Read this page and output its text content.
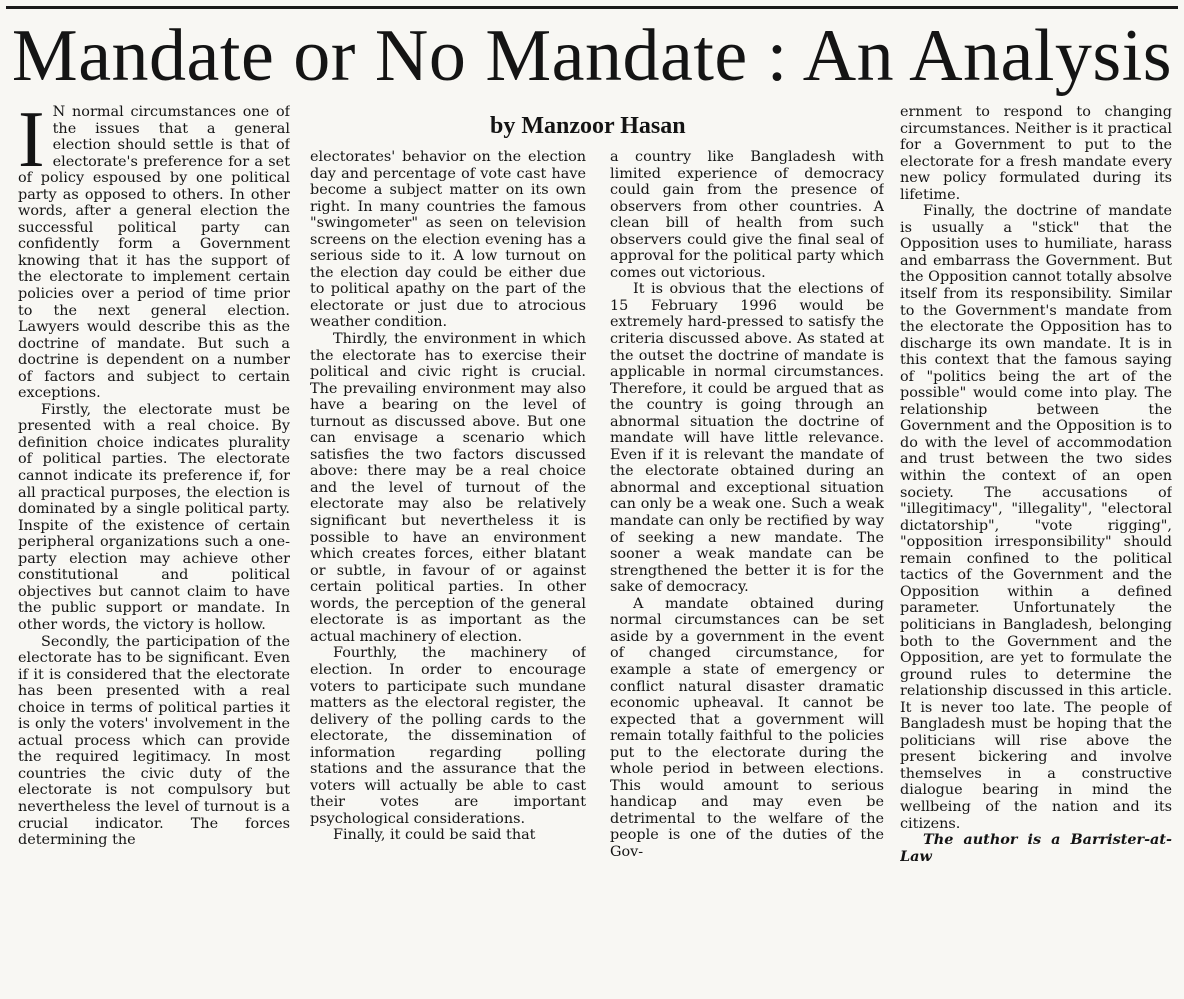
Mandate or No Mandate : An Analysis
by Manzoor Hasan

I N normal circumstances one of the issues that a general election should settle is that of electorate's preference for a set of policy espoused by one political party as opposed to others. In other words, after a general election the successful political party can confidently form a Government knowing that it has the support of the electorate to implement certain policies over a period of time prior to the next general election. Lawyers would describe this as the doctrine of mandate. But such a doctrine is dependent on a number of factors and subject to certain exceptions.

Firstly, the electorate must be presented with a real choice. By definition choice indicates plurality of political parties. The electorate cannot indicate its preference if, for all practical purposes, the election is dominated by a single political party. Inspite of the existence of certain peripheral organizations such a one-party election may achieve other constitutional and political objectives but cannot claim to have the public support or mandate. In other words, the victory is hollow.

Secondly, the participation of the electorate has to be significant. Even if it is considered that the electorate has been presented with a real choice in terms of political parties it is only the voters' involvement in the actual process which can provide the required legitimacy. In most countries the civic duty of the electorate is not compulsory but nevertheless the level of turnout is a crucial indicator. The forces determining the

electorates' behavior on the election day and percentage of vote cast have become a subject matter on its own right. In many countries the famous "swingometer" as seen on television screens on the election evening has a serious side to it. A low turnout on the election day could be either due to political apathy on the part of the electorate or just due to atrocious weather condition.

Thirdly, the environment in which the electorate has to exercise their political and civic right is crucial. The prevailing environment may also have a bearing on the level of turnout as discussed above. But one can envisage a scenario which satisfies the two factors discussed above: there may be a real choice and the level of turnout of the electorate may also be relatively significant but nevertheless it is possible to have an environment which creates forces, either blatant or subtle, in favour of or against certain political parties. In other words, the perception of the general electorate is as important as the actual machinery of election.

Fourthly, the machinery of election. In order to encourage voters to participate such mundane matters as the electoral register, the delivery of the polling cards to the electorate, the dissemination of information regarding polling stations and the assurance that the voters will actually be able to cast their votes are important psychological considerations.

Finally, it could be said that

a country like Bangladesh with limited experience of democracy could gain from the presence of observers from other countries. A clean bill of health from such observers could give the final seal of approval for the political party which comes out victorious.

It is obvious that the elections of 15 February 1996 would be extremely hard-pressed to satisfy the criteria discussed above. As stated at the outset the doctrine of mandate is applicable in normal circumstances. Therefore, it could be argued that as the country is going through an abnormal situation the doctrine of mandate will have little relevance. Even if it is relevant the mandate of the electorate obtained during an abnormal and exceptional situation can only be a weak one. Such a weak mandate can only be rectified by way of seeking a new mandate. The sooner a weak mandate can be strengthened the better it is for the sake of democracy.

A mandate obtained during normal circumstances can be set aside by a government in the event of changed circumstance, for example a state of emergency or conflict natural disaster dramatic economic upheaval. It cannot be expected that a government will remain totally faithful to the policies put to the electorate during the whole period in between elections. This would amount to serious handicap and may even be detrimental to the welfare of the people is one of the duties of the Gov-

ernment to respond to changing circumstances. Neither is it practical for a Government to put to the electorate for a fresh mandate every new policy formulated during its lifetime.

Finally, the doctrine of mandate is usually a "stick" that the Opposition uses to humiliate, harass and embarrass the Government. But the Opposition cannot totally absolve itself from its responsibility. Similar to the Government's mandate from the electorate the Opposition has to discharge its own mandate. It is in this context that the famous saying of "politics being the art of the possible" would come into play. The relationship between the Government and the Opposition is to do with the level of accommodation and trust between the two sides within the context of an open society. The accusations of "illegitimacy", "illegality", "electoral dictatorship", "vote rigging", "opposition irresponsibility" should remain confined to the political tactics of the Government and the Opposition within a defined parameter. Unfortunately the politicians in Bangladesh, belonging both to the Government and the Opposition, are yet to formulate the ground rules to determine the relationship discussed in this article. It is never too late. The people of Bangladesh must be hoping that the politicians will rise above the present bickering and involve themselves in a constructive dialogue bearing in mind the wellbeing of the nation and its citizens.

The author is a Barrister-at-Law
